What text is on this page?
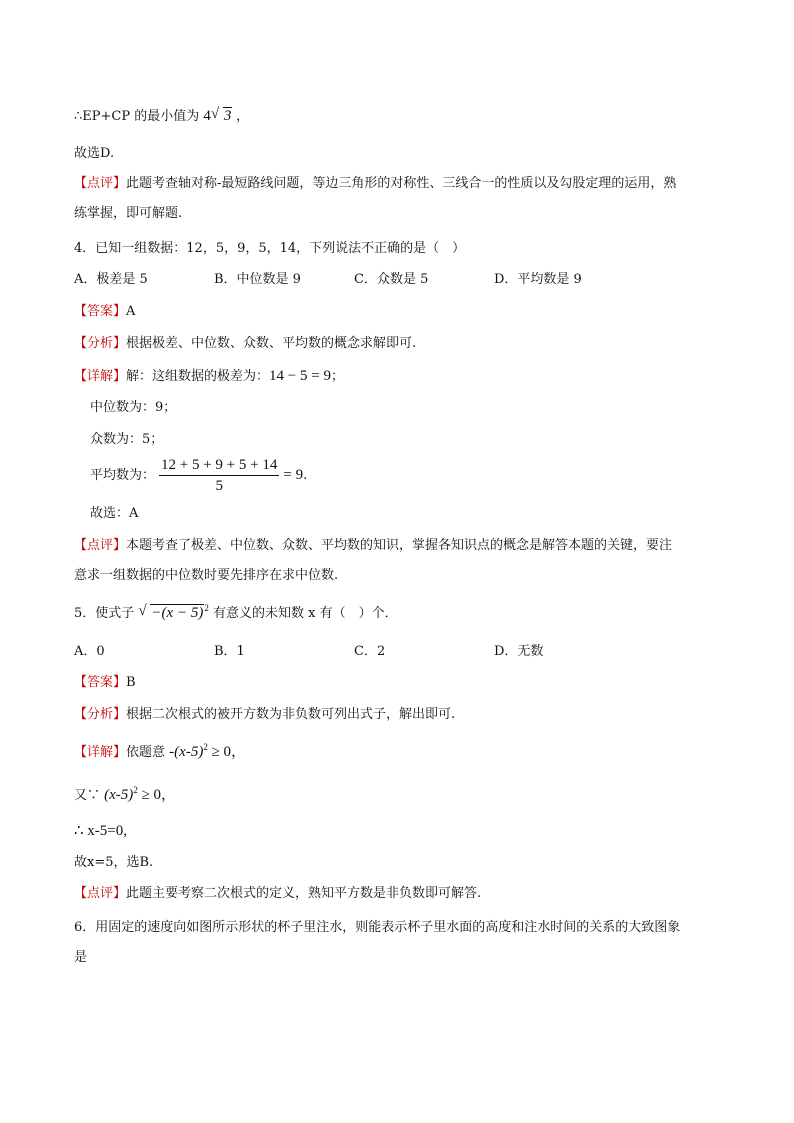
∴EP+CP 的最小值为 4 √ 3 ，
故选D.
【点评】此题考查轴对称-最短路线问题，等边三角形的对称性、三线合一的性质以及勾股定理的运用，熟
练掌握，即可解题.
4．已知一组数据：12，5，9，5，14，下列说法不正确的是（　）
A．极差是 5	B．中位数是 9	C．众数是 5	D．平均数是 9
【答案】A
【分析】根据极差、中位数、众数、平均数的概念求解即可.
【详解】解：这组数据的极差为：14 − 5 = 9；
中位数为：9；
众数为：5；
平均数为： $\frac{12 + 5 + 9 + 5 + 14}{5} = 9$.
故选：A
【点评】本题考查了极差、中位数、众数、平均数的知识，掌握各知识点的概念是解答本题的关键，要注
意求一组数据的中位数时要先排序在求中位数.
5．使式子 √ $-(x - 5)^2$ 有意义的未知数 x 有（　）个．
A．0	B．1	C．2	D．无数
【答案】B
【分析】根据二次根式的被开方数为非负数可列出式子，解出即可.
【详解】依题意 $-(x-5)^2 \ge 0$，
又∵ $(x-5)^2 \ge 0$，
∴ x-5=0,
故x=5，选B.
【点评】此题主要考察二次根式的定义，熟知平方数是非负数即可解答.
6．用固定的速度向如图所示形状的杯子里注水，则能表示杯子里水面的高度和注水时间的关系的大致图象
是
